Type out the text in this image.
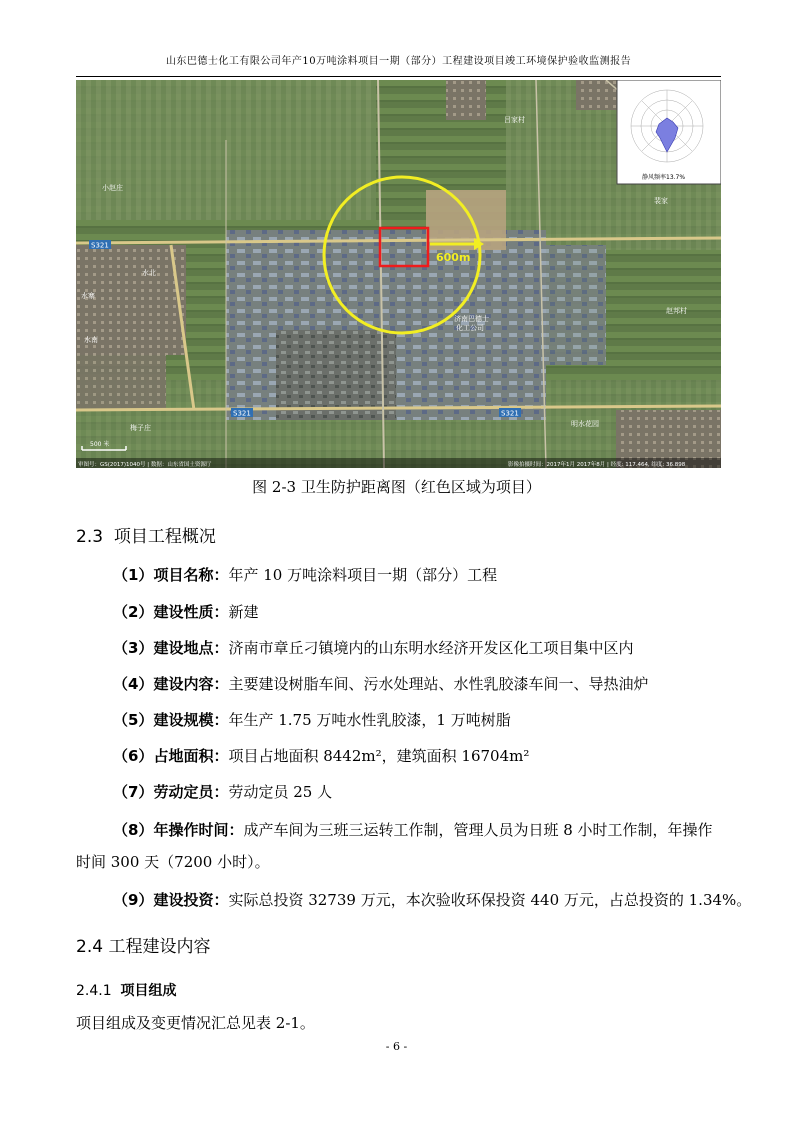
山东巴德士化工有限公司年产10万吨涂料项目一期（部分）工程建设项目竣工环境保护验收监测报告
600m
S321
S321	S321
水北
水寨
小赵庄
吕家村
梅子庄
赵邦村
明水花园
水南
裴家
济南巴德士
化工公司
500 米
审图号：GS(2017)1040号 | 数据：山东省国土资源厅	影像拍摄时间：2017年1月 2017年8月 | 经度: 117.464, 纬度: 36.898
静风频率13.7%
图 2-3 卫生防护距离图（红色区域为项目）
2.3 项目工程概况
（1）项目名称：年产 10 万吨涂料项目一期（部分）工程
（2）建设性质：新建
（3）建设地点：济南市章丘刁镇境内的山东明水经济开发区化工项目集中区内
（4）建设内容：主要建设树脂车间、污水处理站、水性乳胶漆车间一、导热油炉
（5）建设规模：年生产 1.75 万吨水性乳胶漆，1 万吨树脂
（6）占地面积：项目占地面积 8442m²，建筑面积 16704m²
（7）劳动定员：劳动定员 25 人
（8）年操作时间：成产车间为三班三运转工作制，管理人员为日班 8 小时工作制，年操作时间 300 天（7200 小时）。
（9）建设投资：实际总投资 32739 万元，本次验收环保投资 440 万元，占总投资的 1.34%。
2.4 工程建设内容
2.4.1 项目组成
项目组成及变更情况汇总见表 2-1。
- 6 -
